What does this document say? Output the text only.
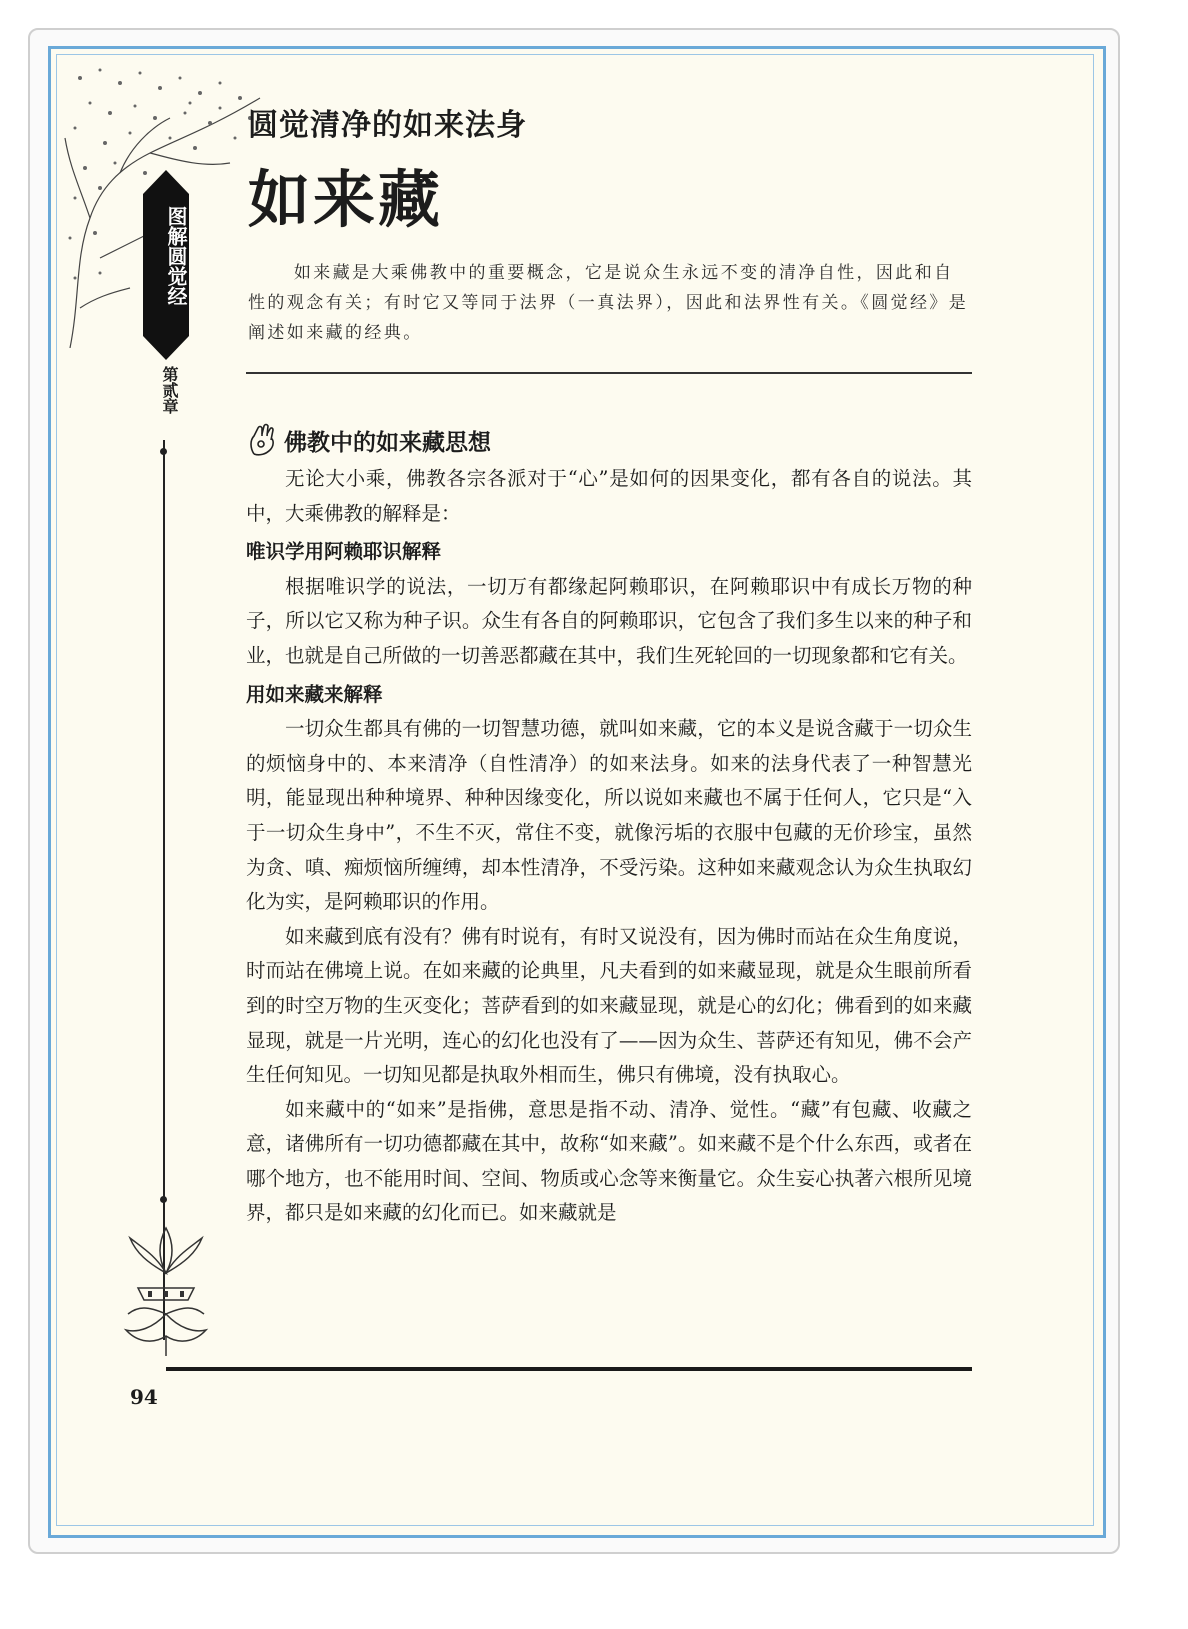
图解圆觉经
第贰章
圆觉清净的如来法身
如来藏

如来藏是大乘佛教中的重要概念，它是说众生永远不变的清净自性，因此和自性的观念有关；有时它又等同于法界（一真法界），因此和法界性有关。《圆觉经》是阐述如来藏的经典。

佛教中的如来藏思想

无论大小乘，佛教各宗各派对于“心”是如何的因果变化，都有各自的说法。其中，大乘佛教的解释是：

唯识学用阿赖耶识解释

根据唯识学的说法，一切万有都缘起阿赖耶识，在阿赖耶识中有成长万物的种子，所以它又称为种子识。众生有各自的阿赖耶识，它包含了我们多生以来的种子和业，也就是自己所做的一切善恶都藏在其中，我们生死轮回的一切现象都和它有关。

用如来藏来解释

一切众生都具有佛的一切智慧功德，就叫如来藏，它的本义是说含藏于一切众生的烦恼身中的、本来清净（自性清净）的如来法身。如来的法身代表了一种智慧光明，能显现出种种境界、种种因缘变化，所以说如来藏也不属于任何人，它只是“入于一切众生身中”，不生不灭，常住不变，就像污垢的衣服中包藏的无价珍宝，虽然为贪、嗔、痴烦恼所缠缚，却本性清净，不受污染。这种如来藏观念认为众生执取幻化为实，是阿赖耶识的作用。

如来藏到底有没有？佛有时说有，有时又说没有，因为佛时而站在众生角度说，时而站在佛境上说。在如来藏的论典里，凡夫看到的如来藏显现，就是众生眼前所看到的时空万物的生灭变化；菩萨看到的如来藏显现，就是心的幻化；佛看到的如来藏显现，就是一片光明，连心的幻化也没有了——因为众生、菩萨还有知见，佛不会产生任何知见。一切知见都是执取外相而生，佛只有佛境，没有执取心。

如来藏中的“如来”是指佛，意思是指不动、清净、觉性。“藏”有包藏、收藏之意，诸佛所有一切功德都藏在其中，故称“如来藏”。如来藏不是个什么东西，或者在哪个地方，也不能用时间、空间、物质或心念等来衡量它。众生妄心执著六根所见境界，都只是如来藏的幻化而已。如来藏就是

94
